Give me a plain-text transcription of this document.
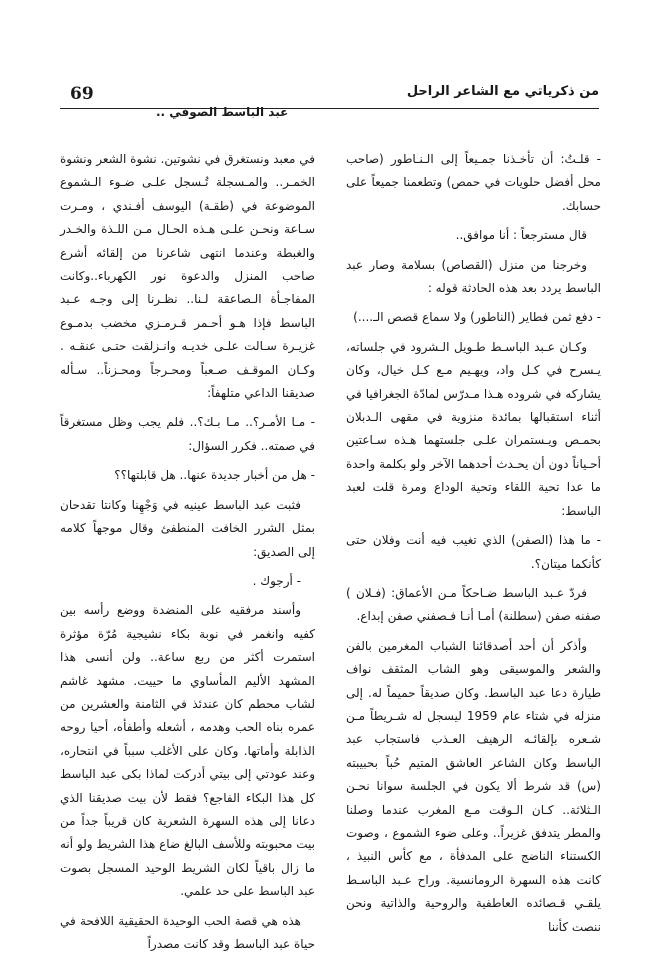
69	من ذكرياتي مع الشاعر الراحل
عبد الباسط الصوفي ..

- قلـتُ: أن تأخـذنا جمـيعاً إلى الـنـاطور (صاحب محل أفضل حلويات في حمص) وتطعمنا جميعاً على حسابك.

قال مسترجعاً : أنا موافق..

وخرجنا من منزل (القصاص) بسلامة وصار عبد الباسط يردد بعد هذه الحادثة قوله :

- دفع ثمن فطاير (الناطور) ولا سماع قصص الـ....)

وكـان عـبد الباسـط طـويل الـشرود في جلساته، يـسرح في كـل واد، ويهـيم مـع كـل خيال، وكان يشاركه في شروده هـذا مـدرّس لمادّة الجغرافيا في أثناء استقبالها بمائدة منزوية في مقهى الـدبلان بحمـص ويـستمران علـى جلستهما هـذه سـاعتين أحـياناً دون أن يحـدث أحدهما الآخر ولو بكلمة واحدة ما عدا تحية اللقاء وتحية الوداع ومرة قلت لعبد الباسط:

- ما هذا (الصفن) الذي تغيب فيه أنت وفلان حتى كأنكما ميتان؟.

فردّ عـبد الباسط ضـاحكاً مـن الأعماق: (فـلان ) صفنه صفن (سطلنة) أمـا أنـا فـصفني صفن إبداع.

وأذكر أن أحد أصدقائنا الشباب المغرمين بالفن والشعر والموسيقى وهو الشاب المثقف نواف طيارة دعا عبد الباسط. وكان صديقاً حميماً له. إلى منزله في شتاء عام 1959 ليسجل له شـريطاً مـن شـعره بإلقائـه الرهيف العـذب فاستجاب عبد الباسط وكان الشاعر العاشق المتيم حُباً بحبيبته (س) قد شرط ألا يكون في الجلسة سوانا نحـن الـثلاثة.. كـان الـوقت مـع المغرب عندما وصلنا والمطر يتدفق غزيراً.. وعلى ضوء الشموع ، وصوت الكستناء الناضج على المدفأة ، مع كأس النبيذ ، كانت هذه السهرة الرومانسية. وراح عـبد الباسـط يلقـي قـصائده العاطفية والروحية والذاتية ونحن ننصت كأننا

في معبد ونستغرق في نشوتين. نشوة الشعر ونشوة الخمـر.. والمـسجلة تُـسجل علـى ضـوء الـشموع الموضوعة في (طقـة) اليوسف أفـندي ، ومـرت سـاعة ونحـن علـى هـذه الحـال مـن اللـذة والخـدر والغبطة وعندما انتهى شاعرنا من إلقائه أشرع صاحب المنزل والدعوة نور الكهرباء..وكانت المفاجـأة الـصاعقة لـنا.. نظـرنا إلى وجـه عـبد الباسط فإذا هـو أحـمر قـرمـزي مخضب بدمـوع غزيـرة سـالت علـى خديـه وانـزلقت حتـى عنقـه . وكـان الموقـف صـعباً ومحـرجاً ومحـزناً.. سـأله صديقنا الداعي متلهفاً:

- مـا الأمـر؟.. مـا بـك؟.. فلم يجب وظل مستغرقاً في صمته.. فكرر السؤال:

- هل من أخبار جديدة عنها.. هل قابلتها؟؟

فثبت عبد الباسط عينيه في وَجْهِنا وكانتا تقدحان بمثل الشرر الخافت المنطفئ وقال موجهاً كلامه إلى الصديق:

- أرجوك .

وأسند مرفقيه على المنضدة ووضع رأسه بين كفيه وانغمر في نوبة بكاء نشيجية مُرّة مؤثرة استمرت أكثر من ربع ساعة.. ولن أنسى هذا المشهد الأليم المأساوي ما حييت. مشهد غاشم لشاب محطم كان عندئذ في الثامنة والعشرين من عمره بناه الحب وهدمه ، أشعله وأطفأه، أحيا روحه الذابلة وأماتها. وكان على الأغلب سبباً في انتحاره، وعند عودتي إلى بيتي أدركت لماذا بكى عبد الباسط كل هذا البكاء الفاجع؟ فقط لأن بيت صديقنا الذي دعانا إلى هذه السهرة الشعرية كان قريباً جداً من بيت محبوبته وللأسف البالغ ضاع هذا الشريط ولو أنه ما زال باقياً لكان الشريط الوحيد المسجل بصوت عبد الباسط على حد علمي.

هذه هي قصة الحب الوحيدة الحقيقية اللافحة في حياة عبد الباسط وقد كانت مصدراً
